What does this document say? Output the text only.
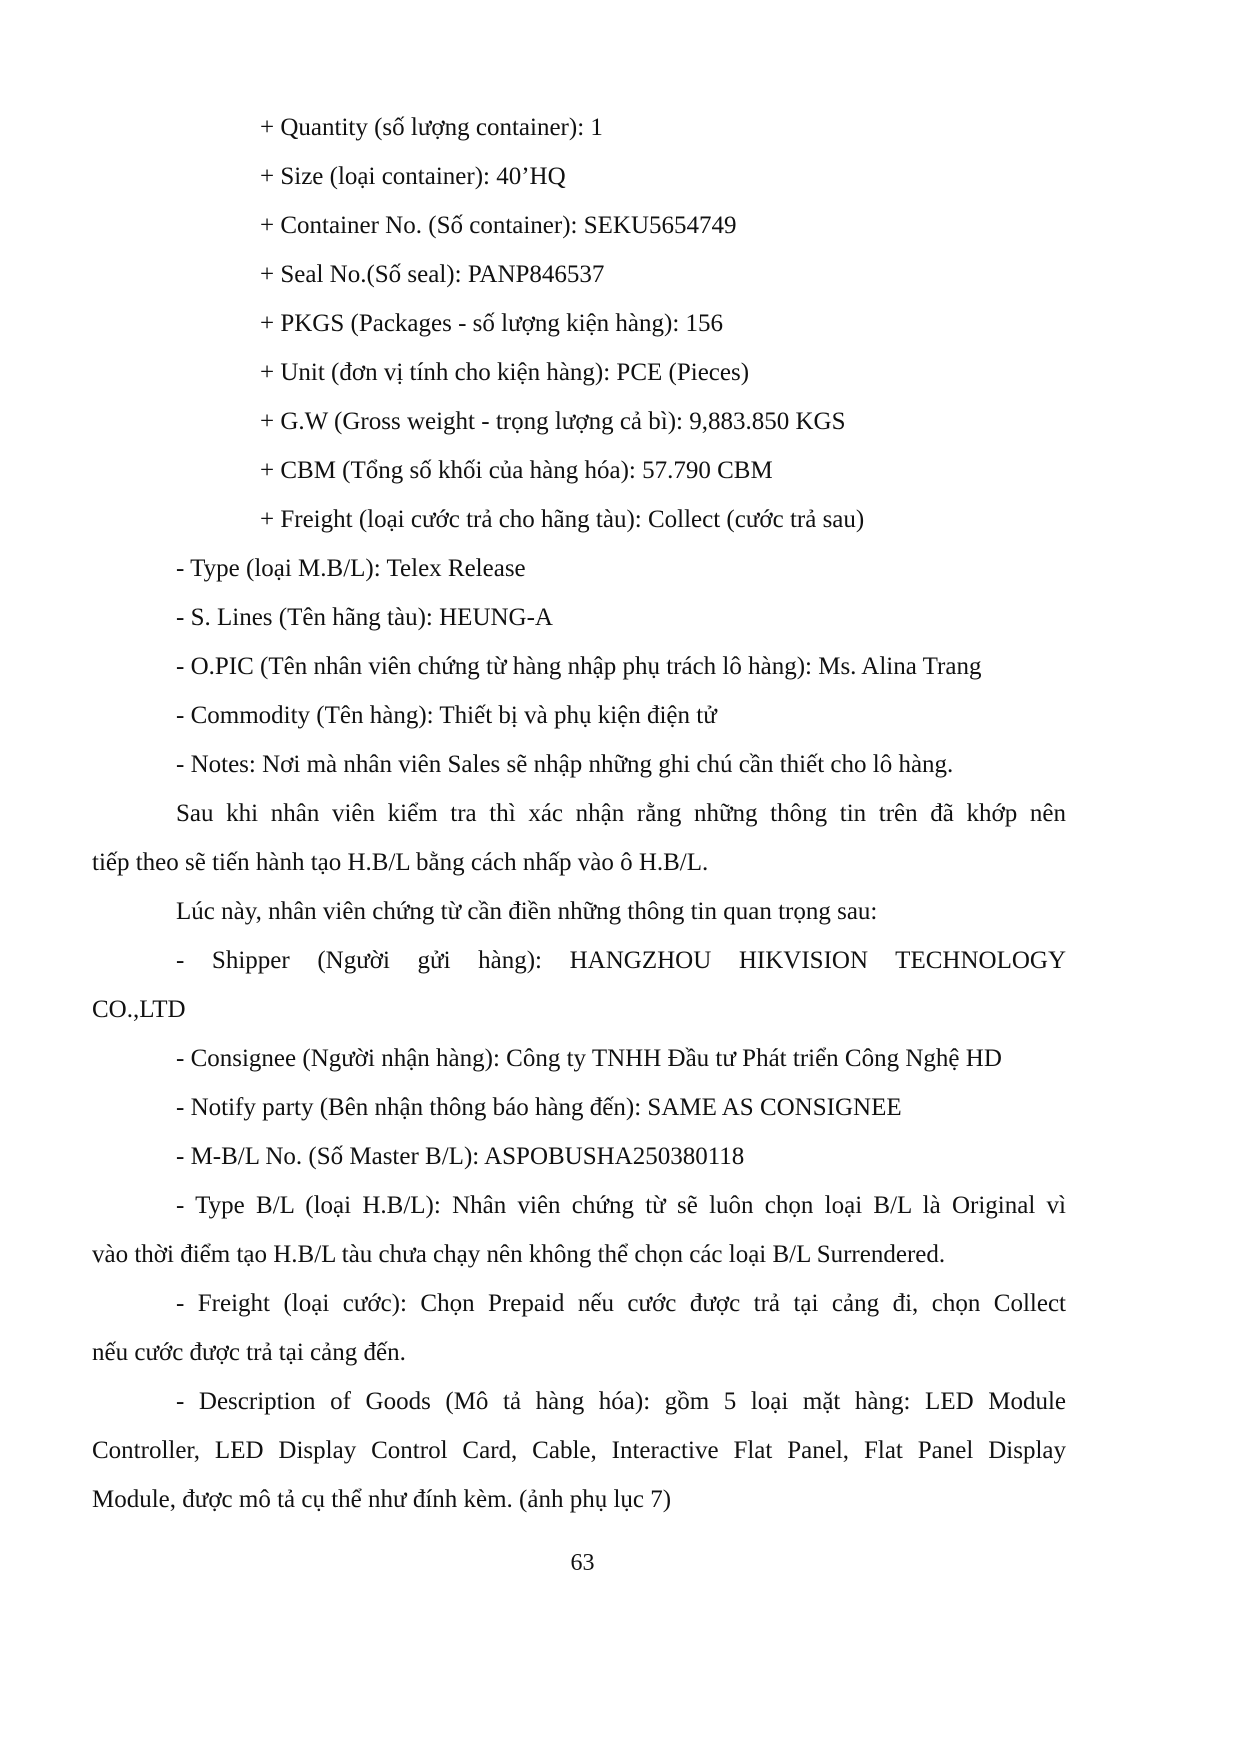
+ Quantity (số lượng container): 1
+ Size (loại container): 40’HQ
+ Container No. (Số container): SEKU5654749
+ Seal No.(Số seal): PANP846537
+ PKGS (Packages - số lượng kiện hàng): 156
+ Unit (đơn vị tính cho kiện hàng): PCE (Pieces)
+ G.W (Gross weight - trọng lượng cả bì): 9,883.850 KGS
+ CBM (Tổng số khối của hàng hóa): 57.790 CBM
+ Freight (loại cước trả cho hãng tàu): Collect (cước trả sau)
- Type (loại M.B/L): Telex Release
- S. Lines (Tên hãng tàu): HEUNG-A
- O.PIC (Tên nhân viên chứng từ hàng nhập phụ trách lô hàng): Ms. Alina Trang
- Commodity (Tên hàng): Thiết bị và phụ kiện điện tử
- Notes: Nơi mà nhân viên Sales sẽ nhập những ghi chú cần thiết cho lô hàng.
Sau khi nhân viên kiểm tra thì xác nhận rằng những thông tin trên đã khớp nên
tiếp theo sẽ tiến hành tạo H.B/L bằng cách nhấp vào ô H.B/L.
Lúc này, nhân viên chứng từ cần điền những thông tin quan trọng sau:
- Shipper (Người gửi hàng): HANGZHOU HIKVISION TECHNOLOGY
CO.,LTD
- Consignee (Người nhận hàng): Công ty TNHH Đầu tư Phát triển Công Nghệ HD
- Notify party (Bên nhận thông báo hàng đến): SAME AS CONSIGNEE
- M-B/L No. (Số Master B/L): ASPOBUSHA250380118
- Type B/L (loại H.B/L): Nhân viên chứng từ sẽ luôn chọn loại B/L là Original vì
vào thời điểm tạo H.B/L tàu chưa chạy nên không thể chọn các loại B/L Surrendered.
- Freight (loại cước): Chọn Prepaid nếu cước được trả tại cảng đi, chọn Collect
nếu cước được trả tại cảng đến.
- Description of Goods (Mô tả hàng hóa): gồm 5 loại mặt hàng: LED Module
Controller, LED Display Control Card, Cable, Interactive Flat Panel, Flat Panel Display
Module, được mô tả cụ thể như đính kèm. (ảnh phụ lục 7)
63
